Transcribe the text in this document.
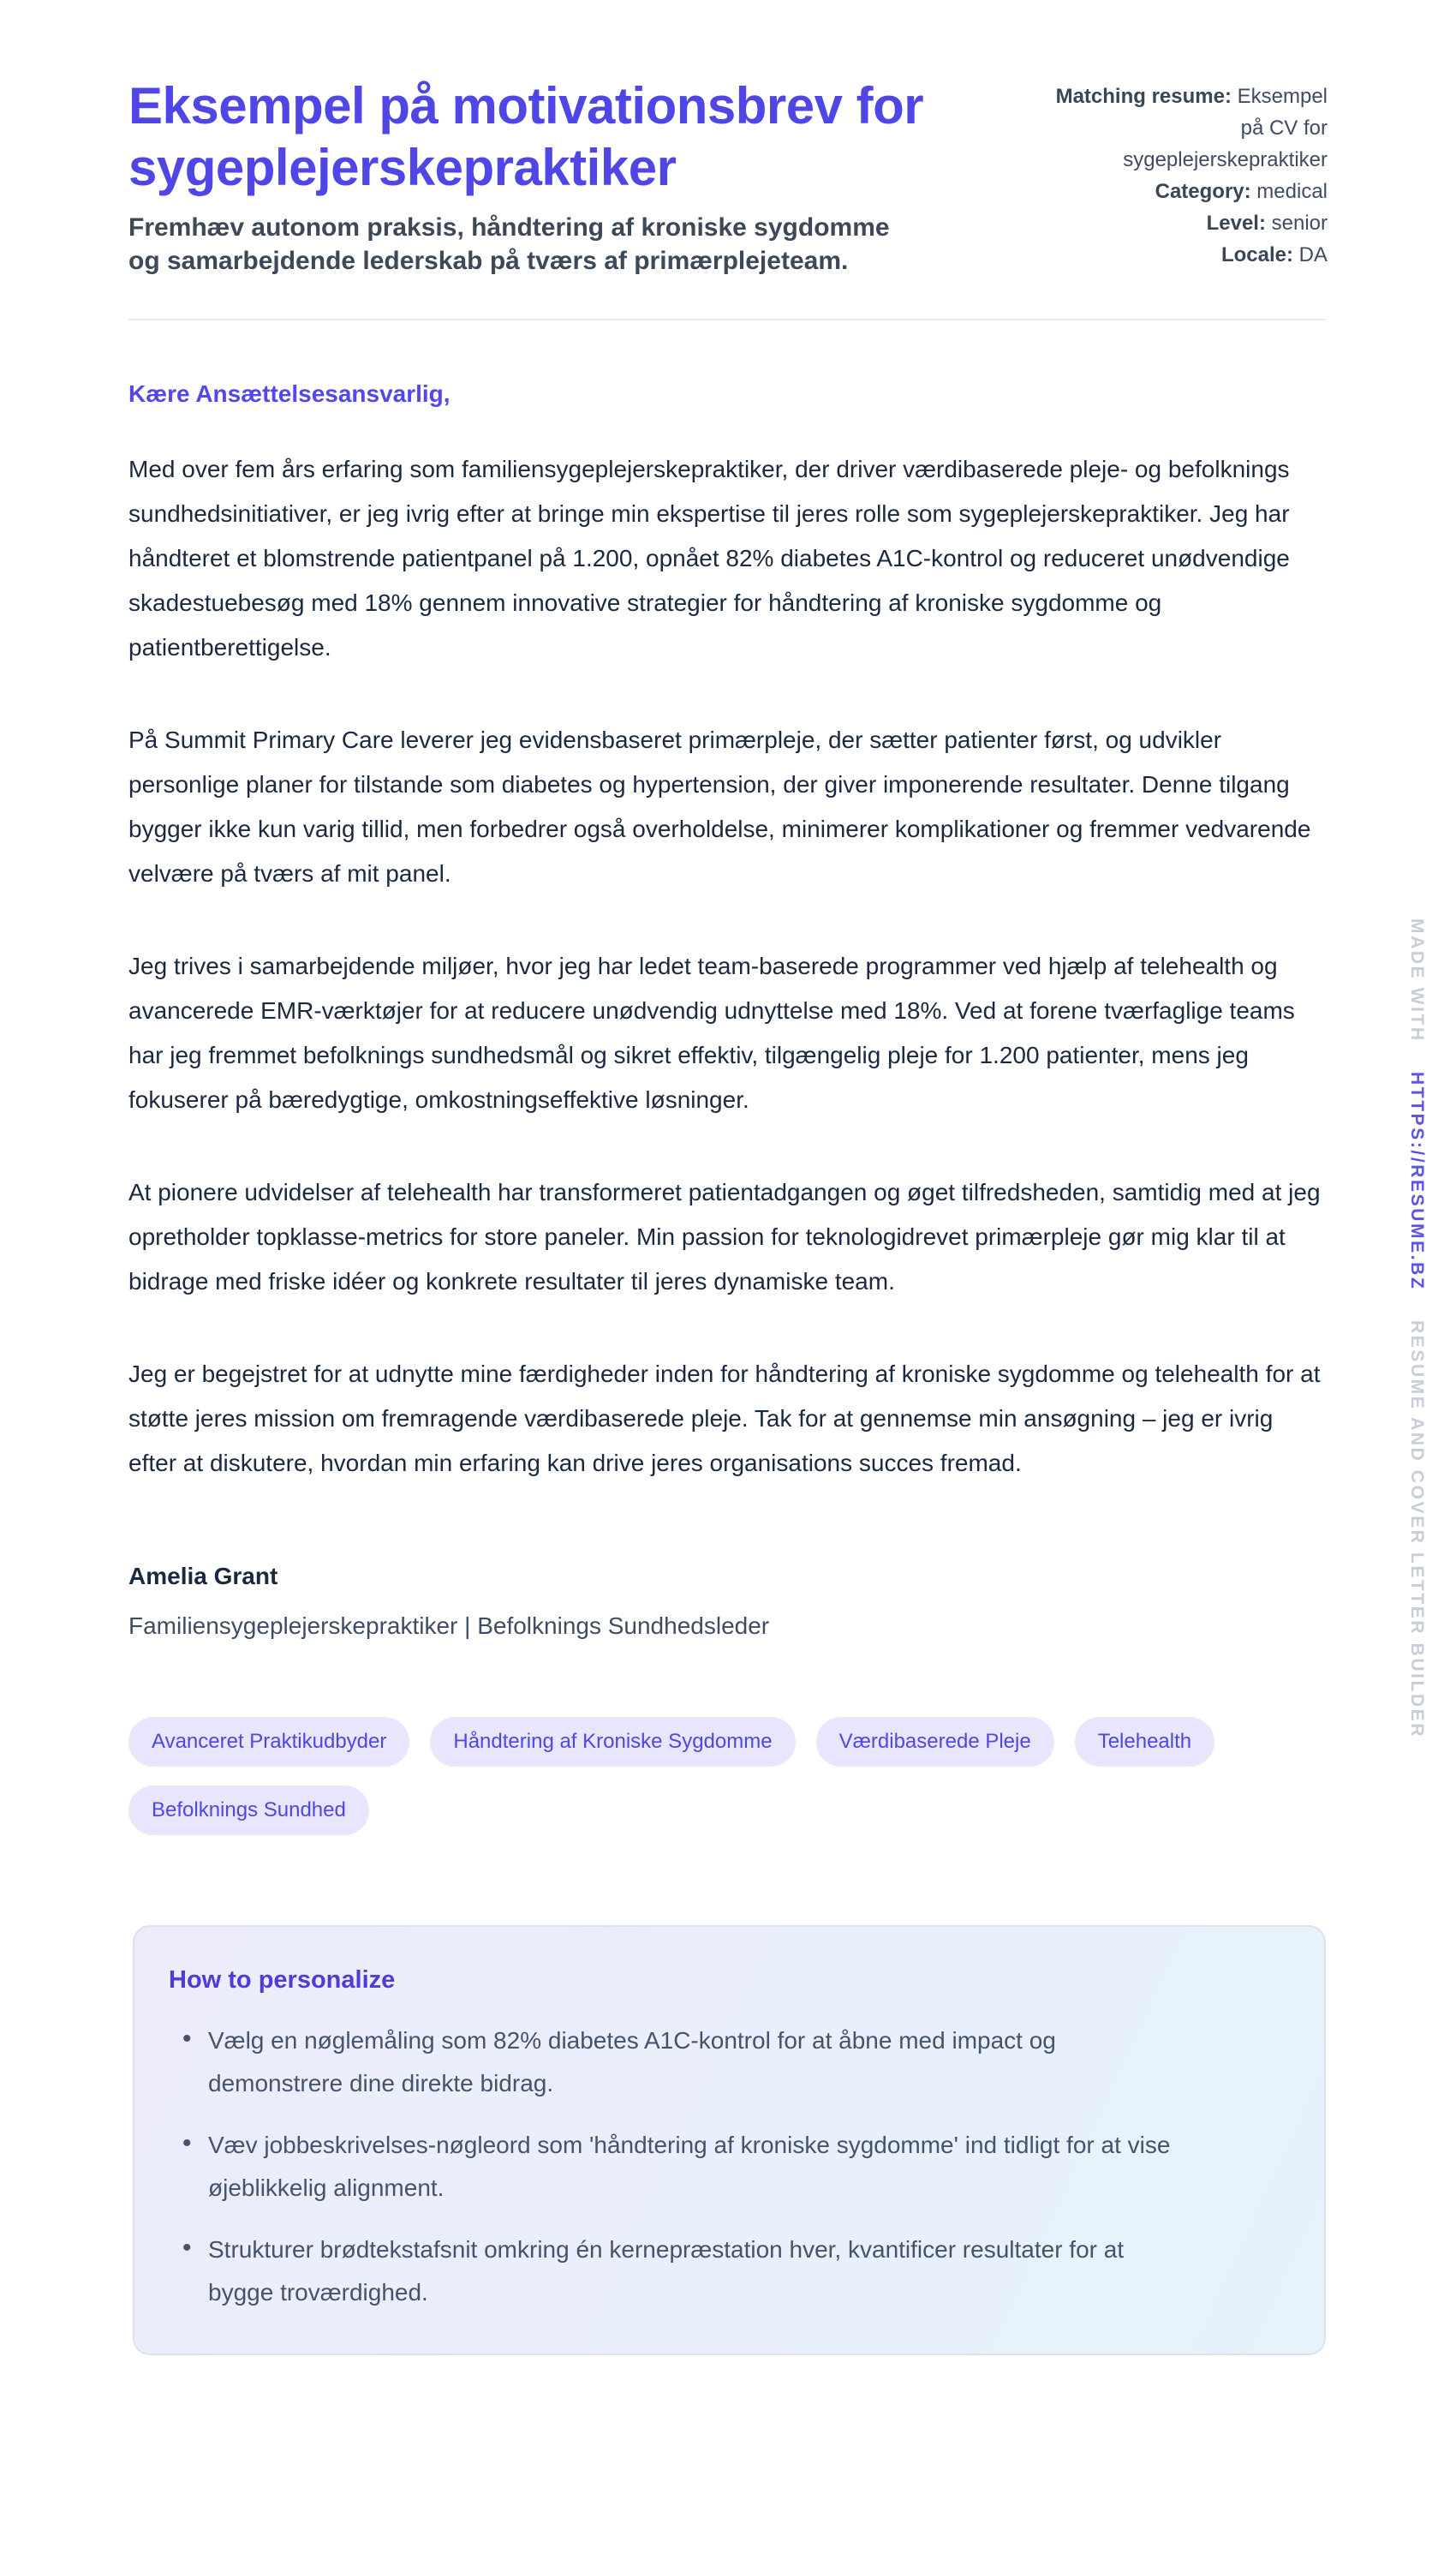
Eksempel på motivationsbrev for sygeplejerskepraktiker

Fremhæv autonom praksis, håndtering af kroniske sygdomme og samarbejdende lederskab på tværs af primærplejeteam.

Matching resume: Eksempel på CV for sygeplejerskepraktiker
Category: medical
Level: senior
Locale: DA

Kære Ansættelsesansvarlig,

Med over fem års erfaring som familiensygeplejerskepraktiker, der driver værdibaserede pleje- og befolknings sundhedsinitiativer, er jeg ivrig efter at bringe min ekspertise til jeres rolle som sygeplejerskepraktiker. Jeg har håndteret et blomstrende patientpanel på 1.200, opnået 82% diabetes A1C-kontrol og reduceret unødvendige skadestuebesøg med 18% gennem innovative strategier for håndtering af kroniske sygdomme og patientberettigelse.

På Summit Primary Care leverer jeg evidensbaseret primærpleje, der sætter patienter først, og udvikler personlige planer for tilstande som diabetes og hypertension, der giver imponerende resultater. Denne tilgang bygger ikke kun varig tillid, men forbedrer også overholdelse, minimerer komplikationer og fremmer vedvarende velvære på tværs af mit panel.

Jeg trives i samarbejdende miljøer, hvor jeg har ledet team-baserede programmer ved hjælp af telehealth og avancerede EMR-værktøjer for at reducere unødvendig udnyttelse med 18%. Ved at forene tværfaglige teams har jeg fremmet befolknings sundhedsmål og sikret effektiv, tilgængelig pleje for 1.200 patienter, mens jeg fokuserer på bæredygtige, omkostningseffektive løsninger.

At pionere udvidelser af telehealth har transformeret patientadgangen og øget tilfredsheden, samtidig med at jeg opretholder topklasse-metrics for store paneler. Min passion for teknologidrevet primærpleje gør mig klar til at bidrage med friske idéer og konkrete resultater til jeres dynamiske team.

Jeg er begejstret for at udnytte mine færdigheder inden for håndtering af kroniske sygdomme og telehealth for at støtte jeres mission om fremragende værdibaserede pleje. Tak for at gennemse min ansøgning – jeg er ivrig efter at diskutere, hvordan min erfaring kan drive jeres organisations succes fremad.

Amelia Grant

Familiensygeplejerskepraktiker | Befolknings Sundhedsleder

Avanceret Praktikudbyder	Håndtering af Kroniske Sygdomme	Værdibaserede Pleje	Telehealth
Befolknings Sundhed
How to personalize
• Vælg en nøglemåling som 82% diabetes A1C-kontrol for at åbne med impact og demonstrere dine direkte bidrag.
• Væv jobbeskrivelses-nøgleord som 'håndtering af kroniske sygdomme' ind tidligt for at vise øjeblikkelig alignment.
• Strukturer brødtekstafsnit omkring én kernepræstation hver, kvantificer resultater for at bygge troværdighed.
MADE WITH HTTPS://RESUME.BZ RESUME AND COVER LETTER BUILDER
